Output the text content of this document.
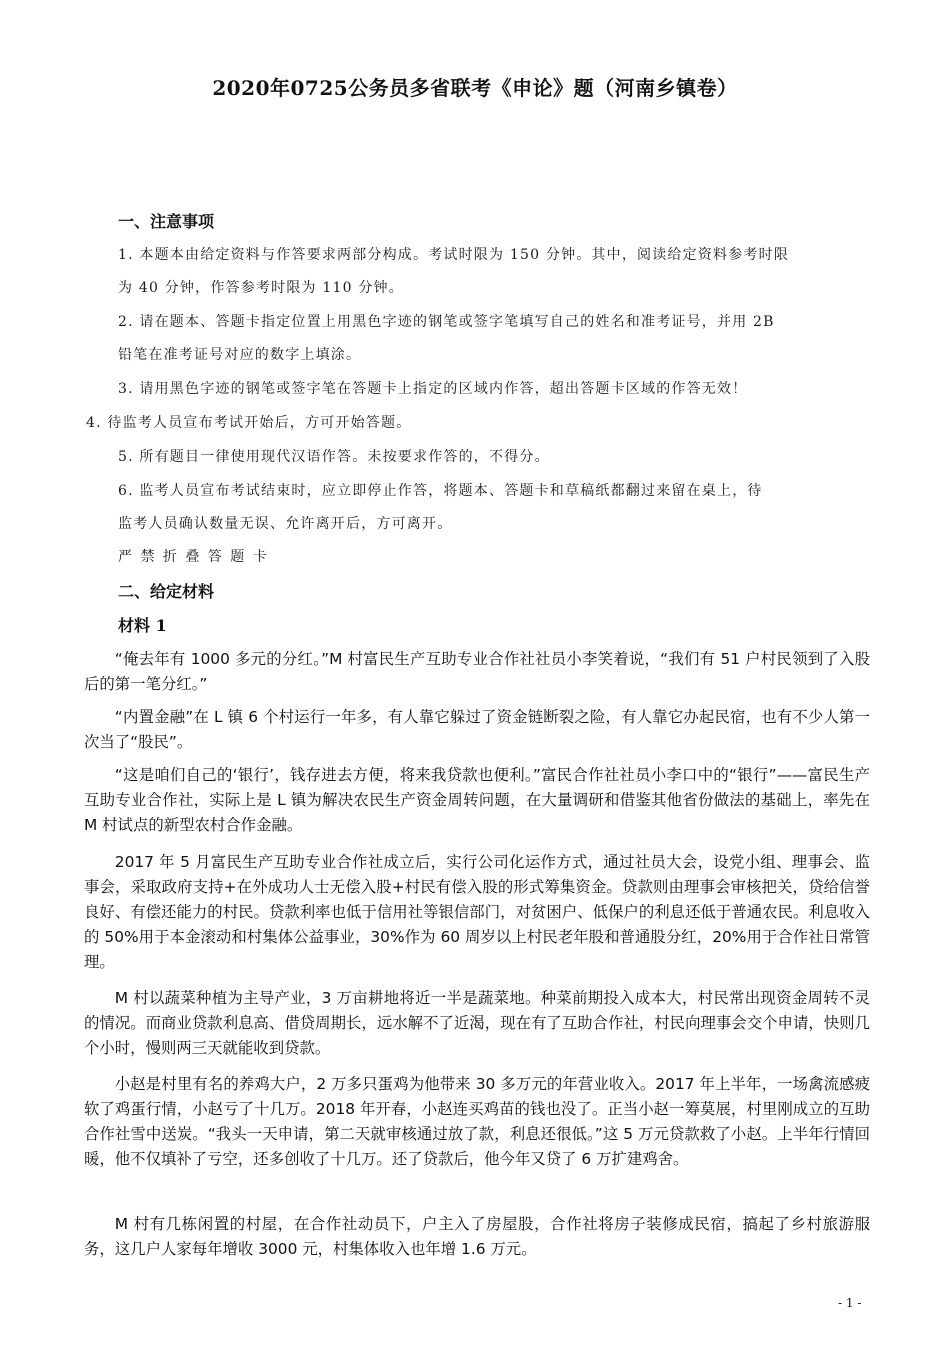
2020年0725公务员多省联考《申论》题（河南乡镇卷）
一、注意事项
1. 本题本由给定资料与作答要求两部分构成。考试时限为 150 分钟。其中，阅读给定资料参考时限
为 40 分钟，作答参考时限为 110 分钟。
2. 请在题本、答题卡指定位置上用黑色字迹的钢笔或签字笔填写自己的姓名和准考证号，并用 2B
铅笔在准考证号对应的数字上填涂。
3. 请用黑色字迹的钢笔或签字笔在答题卡上指定的区域内作答，超出答题卡区域的作答无效！
4. 待监考人员宣布考试开始后，方可开始答题。
5. 所有题目一律使用现代汉语作答。未按要求作答的，不得分。
6. 监考人员宣布考试结束时，应立即停止作答，将题本、答题卡和草稿纸都翻过来留在桌上，待
监考人员确认数量无误、允许离开后，方可离开。
严 禁 折 叠 答 题 卡
二、给定材料
材料 1

“俺去年有 1000 多元的分红。”M 村富民生产互助专业合作社社员小李笑着说，“我们有 51 户村民领到了入股后的第一笔分红。”

“内置金融”在 L 镇 6 个村运行一年多，有人靠它躲过了资金链断裂之险，有人靠它办起民宿，也有不少人第一次当了“股民”。

“这是咱们自己的‘银行’，钱存进去方便，将来我贷款也便利。”富民合作社社员小李口中的“银行”——富民生产互助专业合作社，实际上是 L 镇为解决农民生产资金周转问题，在大量调研和借鉴其他省份做法的基础上，率先在 M 村试点的新型农村合作金融。

2017 年 5 月富民生产互助专业合作社成立后，实行公司化运作方式，通过社员大会，设党小组、理事会、监事会，采取政府支持+在外成功人士无偿入股+村民有偿入股的形式筹集资金。贷款则由理事会审核把关，贷给信誉良好、有偿还能力的村民。贷款利率也低于信用社等银信部门，对贫困户、低保户的利息还低于普通农民。利息收入的 50%用于本金滚动和村集体公益事业，30%作为 60 周岁以上村民老年股和普通股分红，20%用于合作社日常管理。

M 村以蔬菜种植为主导产业，3 万亩耕地将近一半是蔬菜地。种菜前期投入成本大，村民常出现资金周转不灵的情况。而商业贷款利息高、借贷周期长，远水解不了近渴，现在有了互助合作社，村民向理事会交个申请，快则几个小时，慢则两三天就能收到贷款。

小赵是村里有名的养鸡大户，2 万多只蛋鸡为他带来 30 多万元的年营业收入。2017 年上半年，一场禽流感疲软了鸡蛋行情，小赵亏了十几万。2018 年开春，小赵连买鸡苗的钱也没了。正当小赵一筹莫展，村里刚成立的互助合作社雪中送炭。“我头一天申请，第二天就审核通过放了款，利息还很低。”这 5 万元贷款救了小赵。上半年行情回暖，他不仅填补了亏空，还多创收了十几万。还了贷款后，他今年又贷了 6 万扩建鸡舍。

M 村有几栋闲置的村屋，在合作社动员下，户主入了房屋股，合作社将房子装修成民宿，搞起了乡村旅游服务，这几户人家每年增收 3000 元，村集体收入也年增 1.6 万元。

- 1 -
